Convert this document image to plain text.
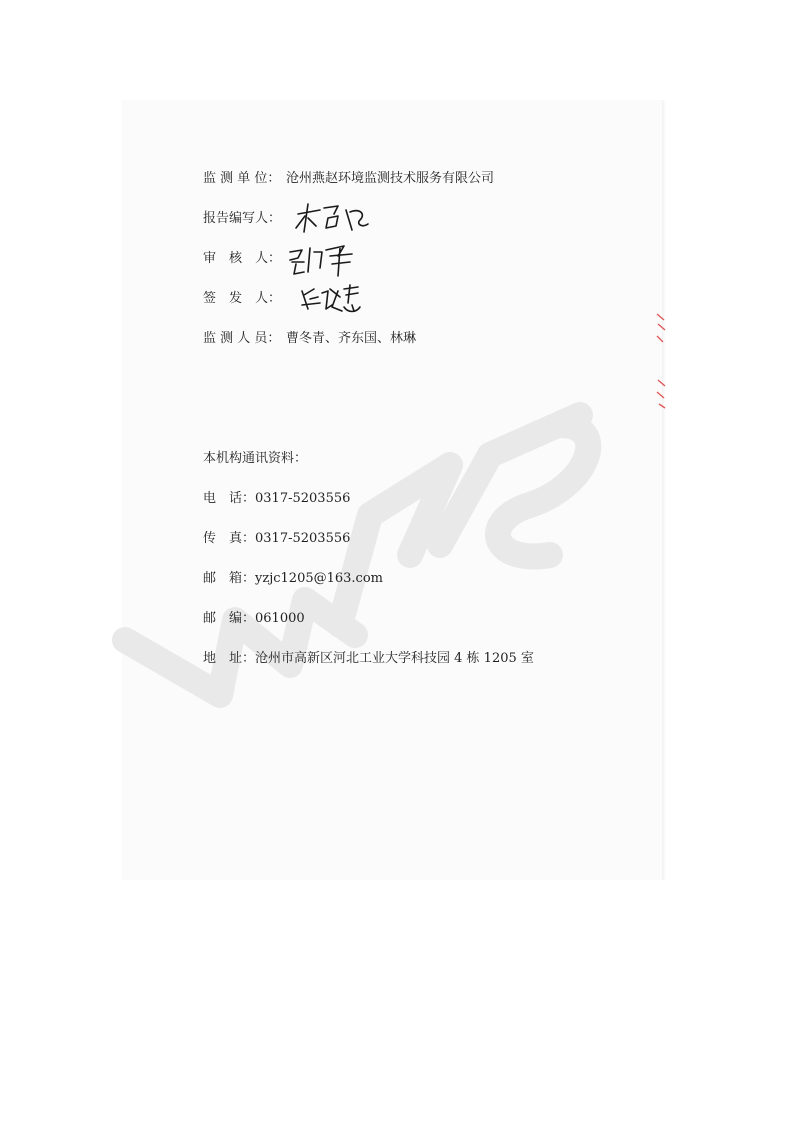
监 测 单 位： 沧州燕赵环境监测技术服务有限公司
报告编写人：
审　核　人：
签　发　人：
监 测 人 员： 曹冬青、齐东国、林琳
本机构通讯资料：
电　话：0317-5203556
传　真：0317-5203556
邮　箱：yzjc1205@163.com
邮　编：061000
地　址：沧州市高新区河北工业大学科技园 4 栋 1205 室
